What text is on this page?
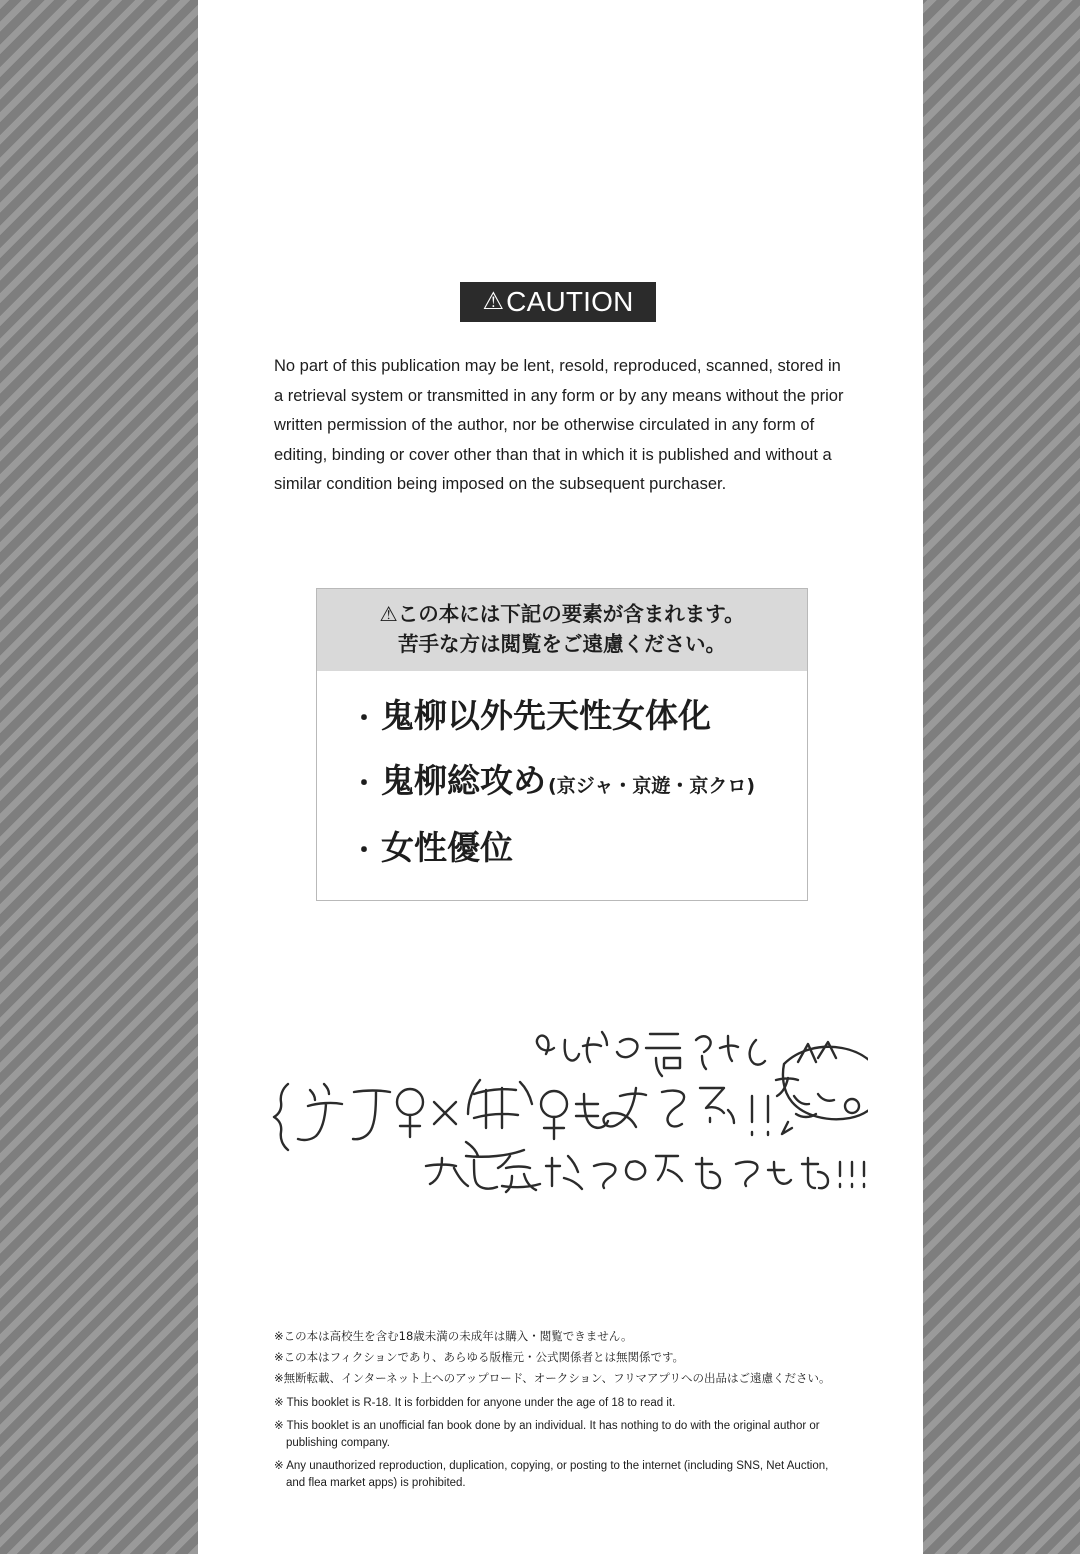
⚠ CAUTION
No part of this publication may be lent, resold, reproduced, scanned, stored in a retrieval system or transmitted in any form or by any means without the prior written permission of the author, nor be otherwise circulated in any form of editing, binding or cover other than that in which it is published and without a similar condition being imposed on the subsequent purchaser.
⚠この本には下記の要素が含まれます。
苦手な方は閲覧をご遠慮ください。
・ 鬼柳以外先天性女体化
・ 鬼柳総攻め (京ジャ・京遊・京クロ)
・ 女性優位
※この本は高校生を含む18歳未満の未成年は購入・閲覧できません。
※この本はフィクションであり、あらゆる版権元・公式関係者とは無関係です。
※無断転載、インターネット上へのアップロード、オークション、フリマアプリへの出品はご遠慮ください。
※ This booklet is R-18. It is forbidden for anyone under the age of 18 to read it.
※ This booklet is an unofficial fan book done by an individual. It has nothing to do with the original author or
publishing company.
※ Any unauthorized reproduction, duplication, copying, or posting to the internet (including SNS, Net Auction,
and flea market apps) is prohibited.
